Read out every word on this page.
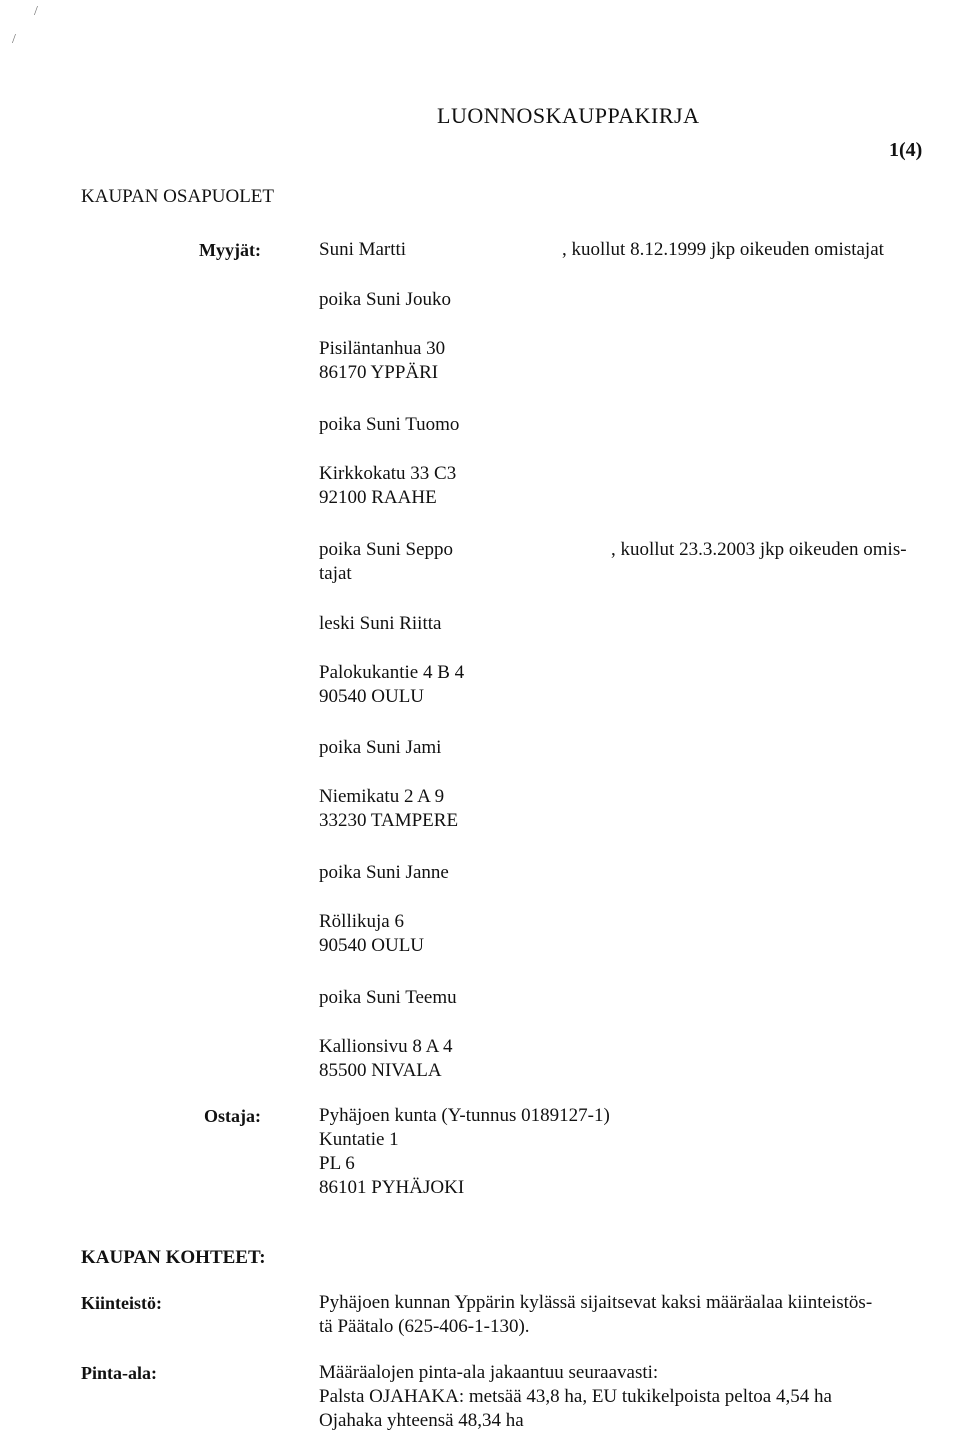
/
/
LUONNOSKAUPPAKIRJA
1(4)
KAUPAN OSAPUOLET
Myyjät:	Suni Martti	, kuollut 8.12.1999 jkp oikeuden omistajat
poika Suni Jouko
Pisiläntanhua 30
86170 YPPÄRI
poika Suni Tuomo
Kirkkokatu 33 C3
92100 RAAHE
poika Suni Seppo	, kuollut 23.3.2003 jkp oikeuden omis-
tajat
leski Suni Riitta
Palokukantie 4 B 4
90540 OULU
poika Suni Jami
Niemikatu 2 A 9
33230 TAMPERE
poika Suni Janne
Röllikuja 6
90540 OULU
poika Suni Teemu
Kallionsivu 8 A 4
85500 NIVALA
Ostaja:	Pyhäjoen kunta (Y-tunnus 0189127-1)
Kuntatie 1
PL 6
86101 PYHÄJOKI
KAUPAN KOHTEET:
Kiinteistö:	Pyhäjoen kunnan Yppärin kylässä sijaitsevat kaksi määräalaa kiinteistös-
tä Päätalo (625-406-1-130).
Pinta-ala:	Määräalojen pinta-ala jakaantuu seuraavasti:
Palsta OJAHAKA: metsää 43,8 ha, EU tukikelpoista peltoa 4,54 ha
Ojahaka yhteensä 48,34 ha
